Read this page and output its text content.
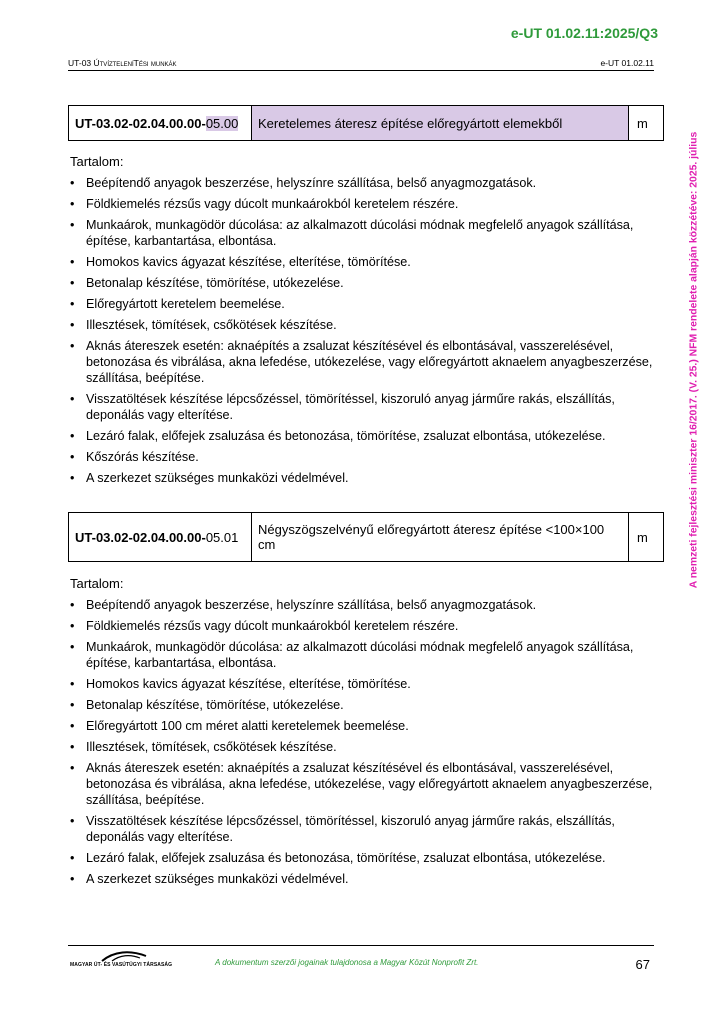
e-UT 01.02.11:2025/Q3
UT-03 ÚtvízteleníTési munkák	e-UT 01.02.11
A nemzeti fejlesztési miniszter 16/2017. (V. 25.) NFM rendelete alapján közzétéve: 2025. július
UT-03.02-02.04.00.00-05.00	Keretelemes áteresz építése előregyártott elemekből	m
Tartalom:
• Beépítendő anyagok beszerzése, helyszínre szállítása, belső anyagmozgatások.
• Földkiemelés rézsűs vagy dúcolt munkaárokból keretelem részére.
• Munkaárok, munkagödör dúcolása: az alkalmazott dúcolási módnak megfelelő anyagok szállítása, építése, karbantartása, elbontása.
• Homokos kavics ágyazat készítése, elterítése, tömörítése.
• Betonalap készítése, tömörítése, utókezelése.
• Előregyártott keretelem beemelése.
• Illesztések, tömítések, csőkötések készítése.
• Aknás átereszek esetén: aknaépítés a zsaluzat készítésével és elbontásával, vasszerelésével, betonozása és vibrálása, akna lefedése, utókezelése, vagy előregyártott aknaelem anyagbeszerzése, szállítása, beépítése.
• Visszatöltések készítése lépcsőzéssel, tömörítéssel, kiszoruló anyag járműre rakás, elszállítás, deponálás vagy elterítése.
• Lezáró falak, előfejek zsaluzása és betonozása, tömörítése, zsaluzat elbontása, utókezelése.
• Kőszórás készítése.
• A szerkezet szükséges munkaközi védelmével.
UT-03.02-02.04.00.00-05.01	Négyszögszelvényű előregyártott áteresz építése <100×100 cm	m
Tartalom:
• Beépítendő anyagok beszerzése, helyszínre szállítása, belső anyagmozgatások.
• Földkiemelés rézsűs vagy dúcolt munkaárokból keretelem részére.
• Munkaárok, munkagödör dúcolása: az alkalmazott dúcolási módnak megfelelő anyagok szállítása, építése, karbantartása, elbontása.
• Homokos kavics ágyazat készítése, elterítése, tömörítése.
• Betonalap készítése, tömörítése, utókezelése.
• Előregyártott 100 cm méret alatti keretelemek beemelése.
• Illesztések, tömítések, csőkötések készítése.
• Aknás átereszek esetén: aknaépítés a zsaluzat készítésével és elbontásával, vasszerelésével, betonozása és vibrálása, akna lefedése, utókezelése, vagy előregyártott aknaelem anyagbeszerzése, szállítása, beépítése.
• Visszatöltések készítése lépcsőzéssel, tömörítéssel, kiszoruló anyag járműre rakás, elszállítás, deponálás vagy elterítése.
• Lezáró falak, előfejek zsaluzása és betonozása, tömörítése, zsaluzat elbontása, utókezelése.
• A szerkezet szükséges munkaközi védelmével.
MAGYAR ÚT- ÉS VASÚTÜGYI TÁRSASÁG	A dokumentum szerzői jogainak tulajdonosa a Magyar Közút Nonprofit Zrt.	67
